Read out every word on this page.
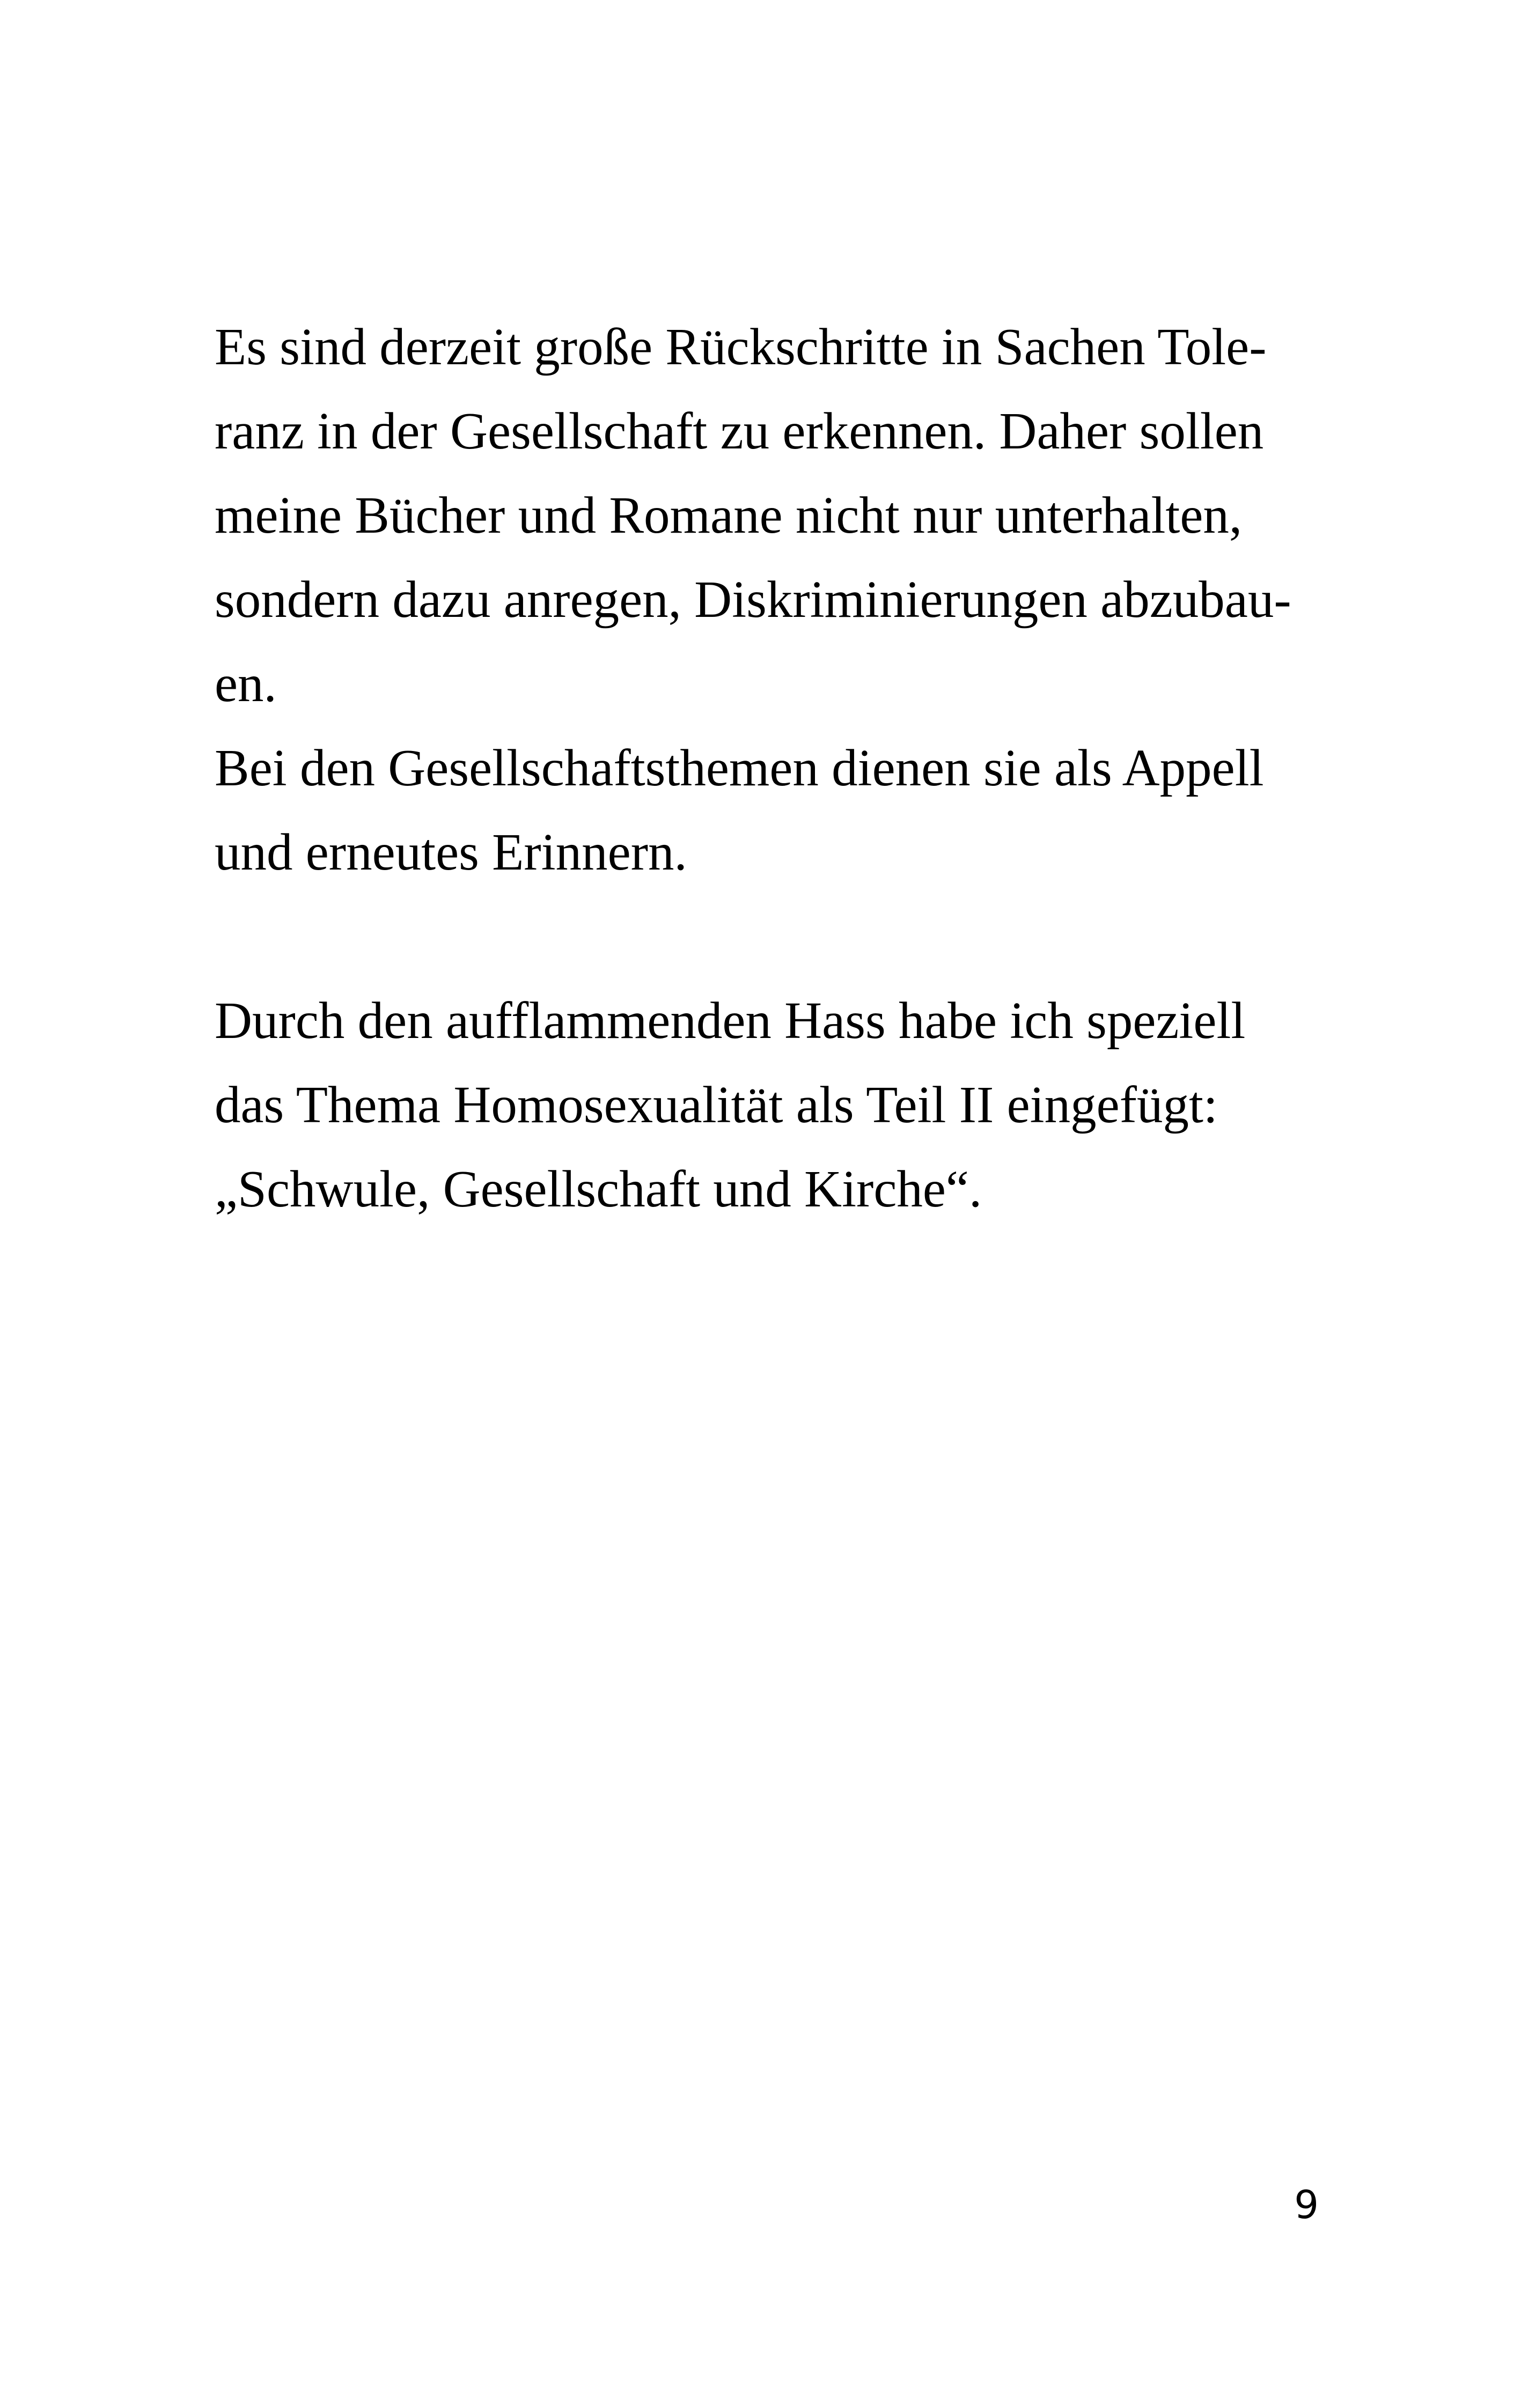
Es sind derzeit große Rückschritte in Sachen Tole-
ranz in der Gesellschaft zu erkennen. Daher sollen
meine Bücher und Romane nicht nur unterhalten,
sondern dazu anregen, Diskriminierungen abzubau-
en.
Bei den Gesellschaftsthemen dienen sie als Appell
und erneutes Erinnern.
Durch den aufflammenden Hass habe ich speziell
das Thema Homosexualität als Teil II eingefügt:
„Schwule, Gesellschaft und Kirche“.
9
